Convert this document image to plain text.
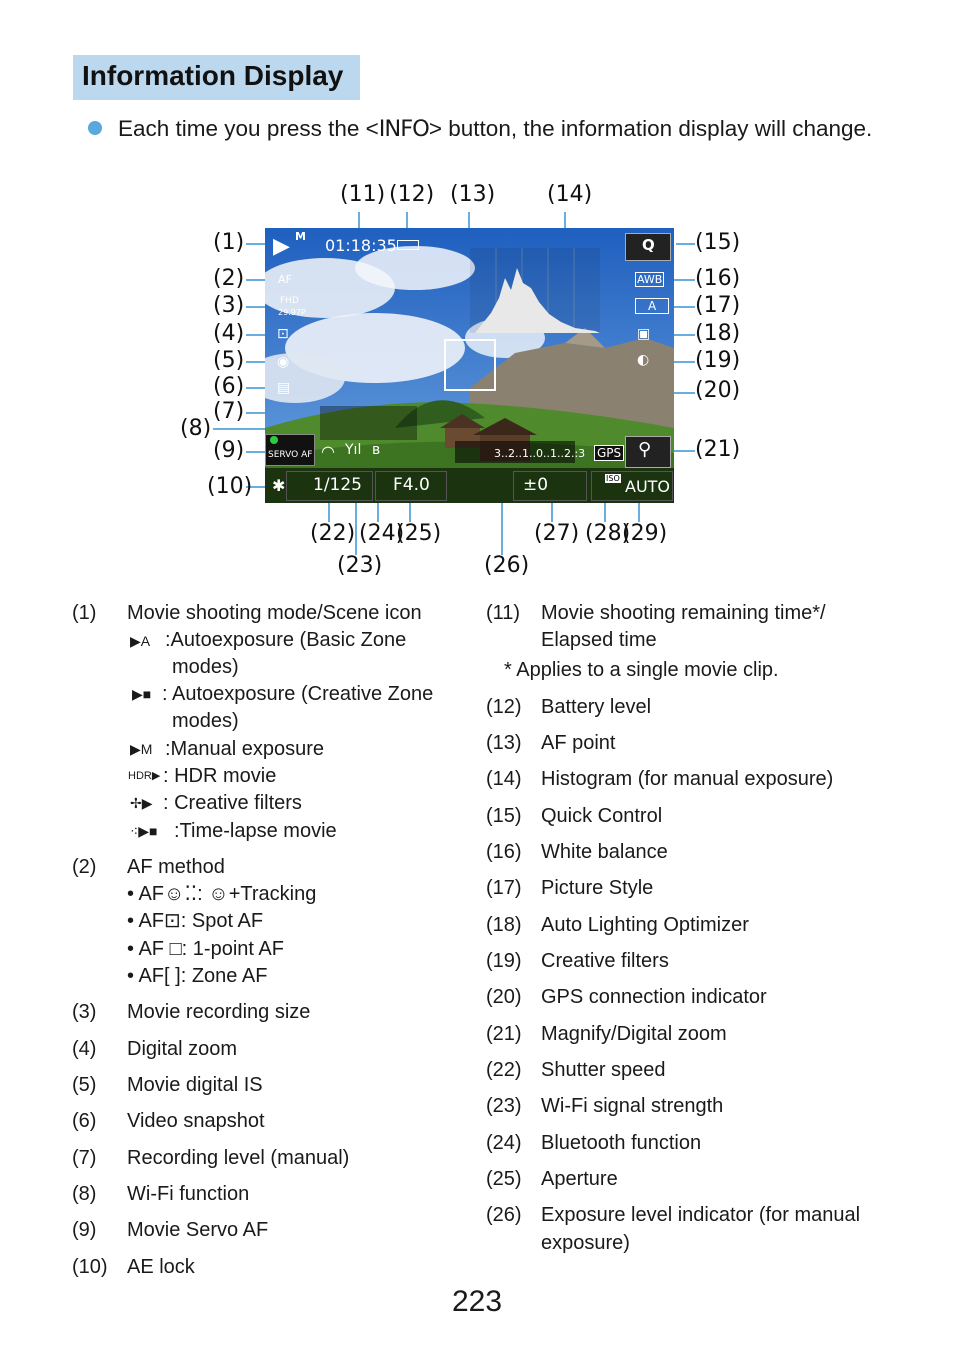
Information Display
Each time you press the <INFO> button, the information display will change.
▶︎ M 01:18:35
AF
FHD
29.97P
⊡
◉
▤
SERVO AF ◠ Yıl ʙ
✱ 1/125 F4.0
3..2..1..0..1..2.:3
±0	ISO AUTO
Q
AWB
A
▣
◐
GPS ⚲
(1)
(2)
(3)
(4)
(5)
(6)
(7)
(8)
(9)
(10)
(11) (12) (13) (14)
(15)
(16)
(17)
(18)
(19)
(20)
(21)
(22)
(23)
(24)
(25)
(26)
(27) (28)
(29)
(1) Movie shooting mode/Scene icon
▶A :Autoexposure (Basic Zone
modes)
▶■ : Autoexposure (Creative Zone
modes)
▶M :Manual exposure
HDR▶ : HDR movie
✢▶ : Creative filters
⁖▶■ :Time-lapse movie
(2) AF method
• AF☺⁚⁚: ☺+Tracking
• AF⊡: Spot AF
• AF □: 1-point AF
• AF[ ]: Zone AF
(3) Movie recording size
(4) Digital zoom
(5) Movie digital IS
(6) Video snapshot
(7) Recording level (manual)
(8) Wi-Fi function
(9) Movie Servo AF
(10) AE lock
(11) Movie shooting remaining time*/
Elapsed time
* Applies to a single movie clip.
(12) Battery level
(13) AF point
(14) Histogram (for manual exposure)
(15) Quick Control
(16) White balance
(17) Picture Style
(18) Auto Lighting Optimizer
(19) Creative filters
(20) GPS connection indicator
(21) Magnify/Digital zoom
(22) Shutter speed
(23) Wi-Fi signal strength
(24) Bluetooth function
(25) Aperture
(26) Exposure level indicator (for manual
exposure)
223
